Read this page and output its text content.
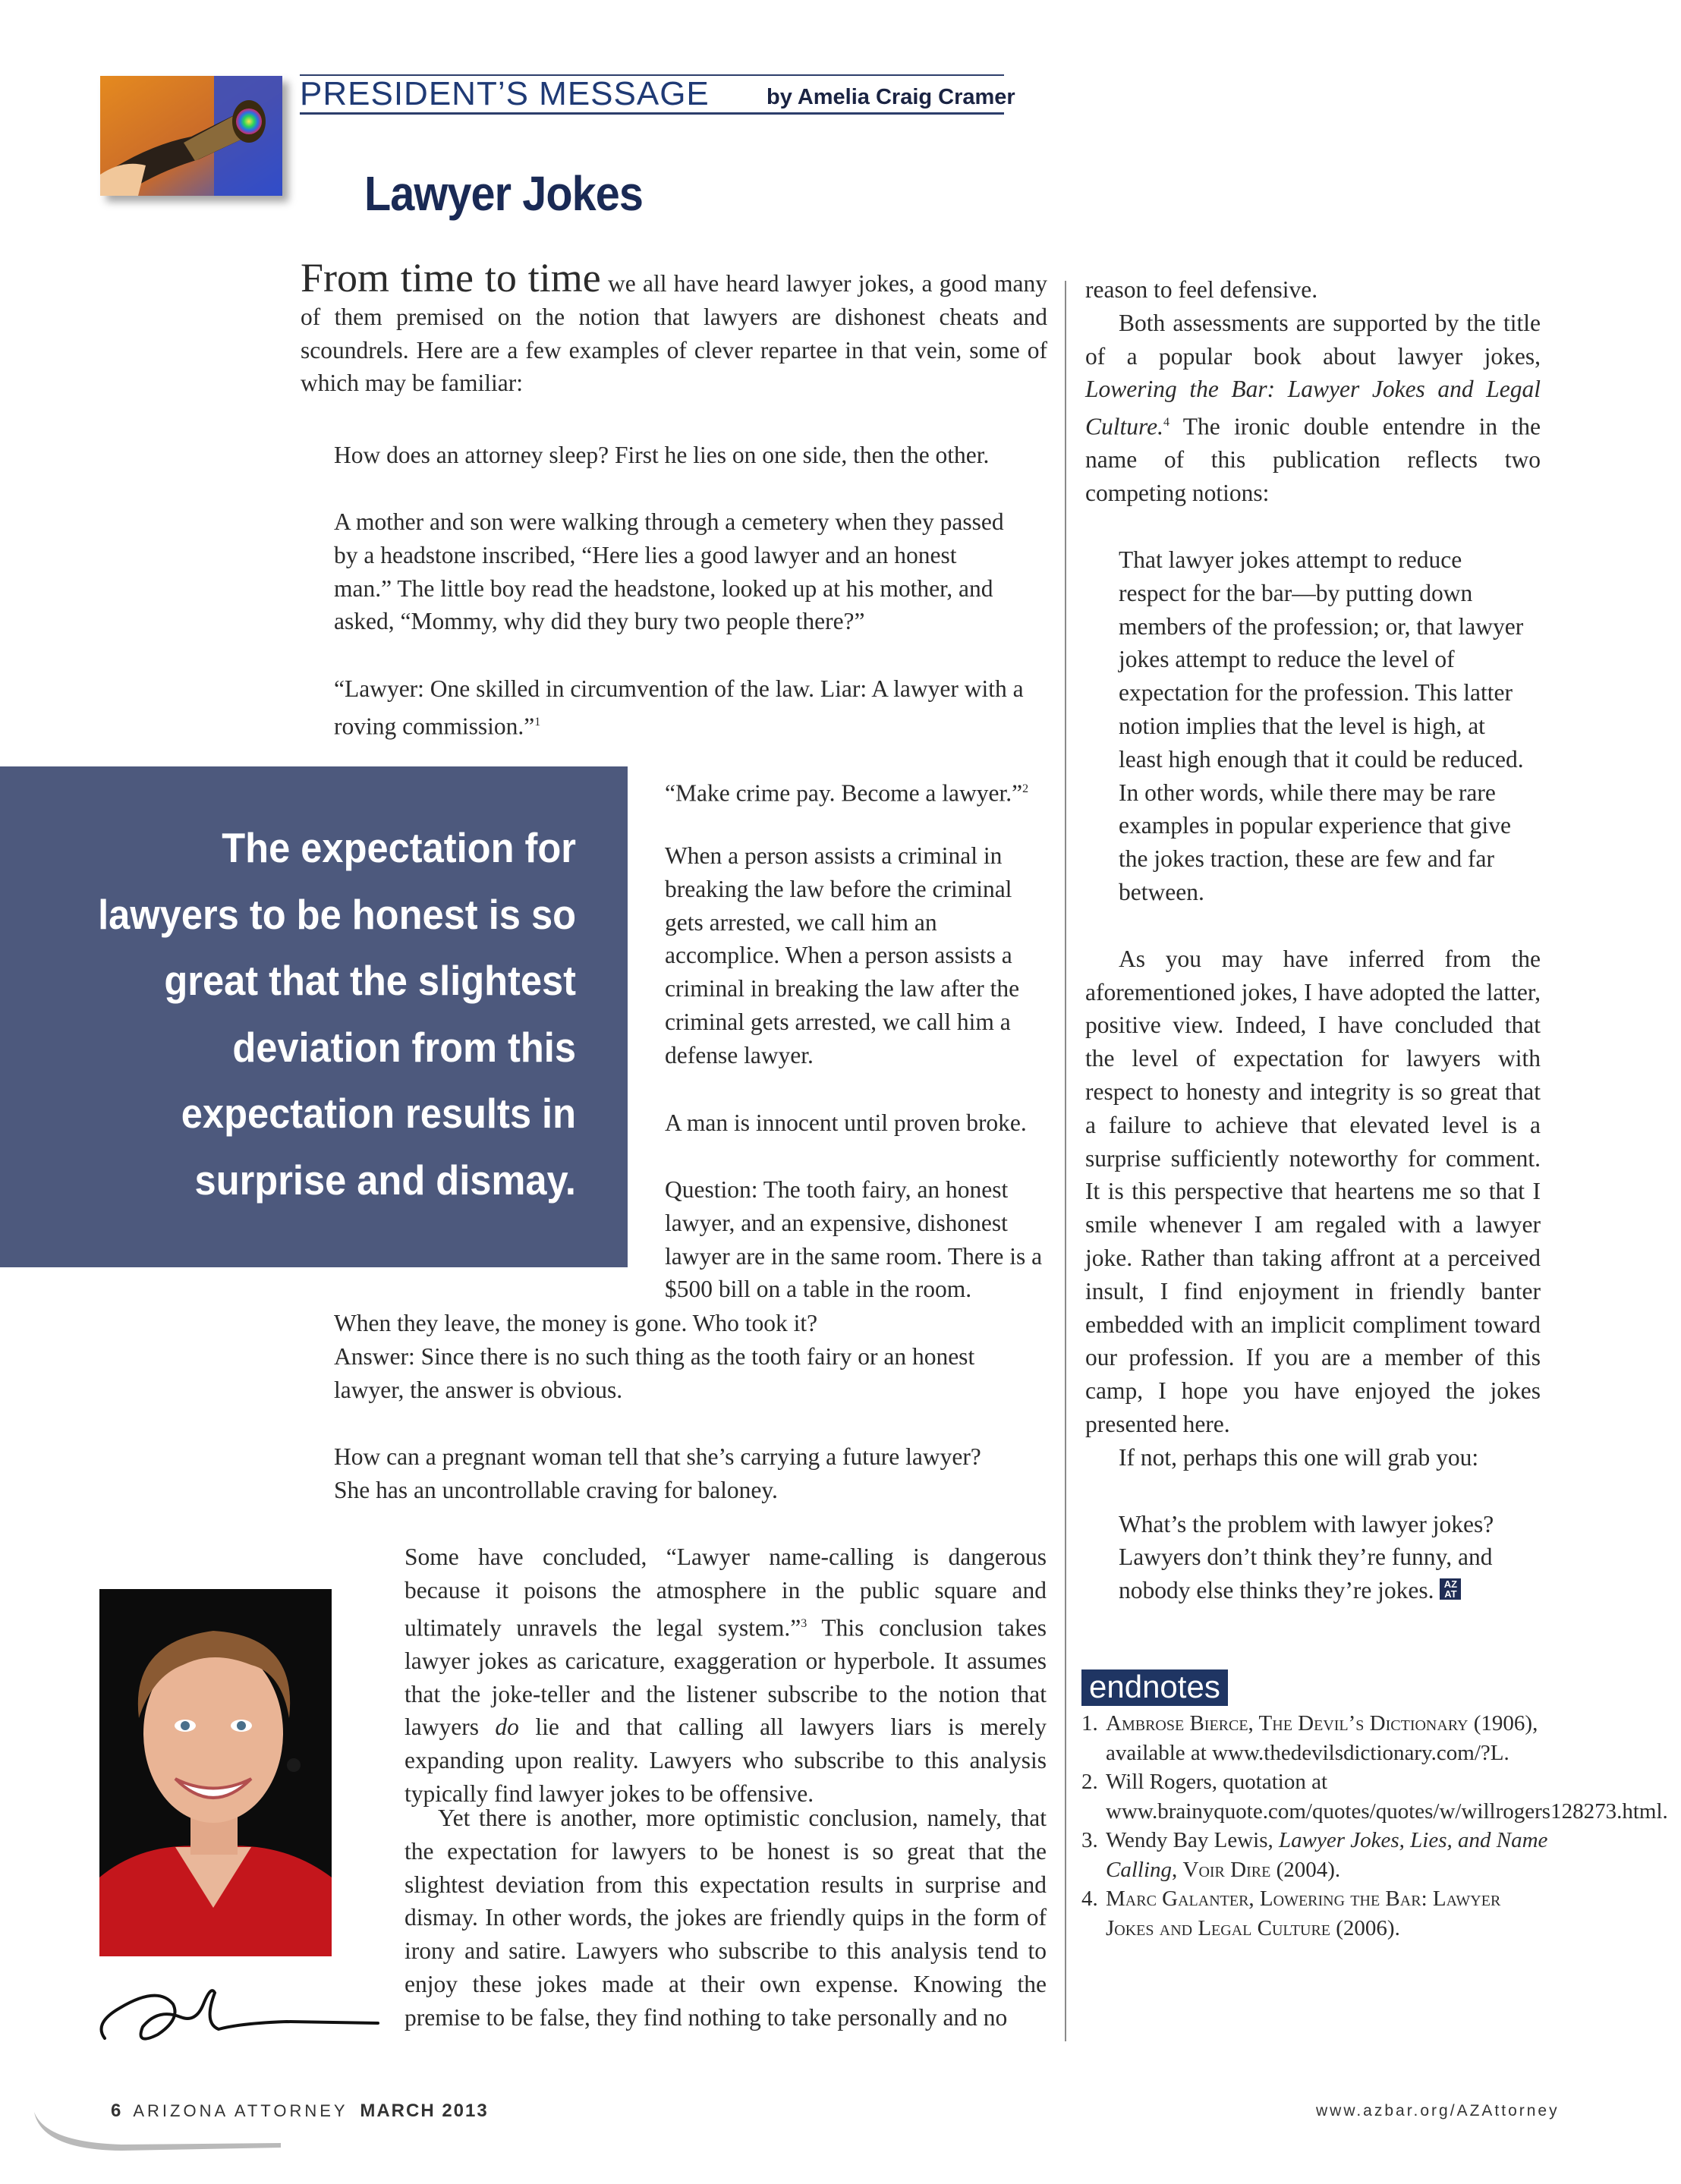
PRESIDENT’S MESSAGE	by Amelia Craig Cramer
Lawyer Jokes
From time to time we all have heard lawyer jokes, a good many of them premised on the notion that lawyers are dishonest cheats and scoundrels. Here are a few examples of clever repartee in that vein, some of which may be familiar:
How does an attorney sleep? First he lies on one side, then the other.
A mother and son were walking through a cemetery when they passed by a headstone inscribed, “Here lies a good lawyer and an honest man.” The little boy read the headstone, looked up at his mother, and asked, “Mommy, why did they bury two people there?”
“Lawyer: One skilled in circumvention of the law. Liar: A lawyer with a roving commission.”$^1$
The expectation for lawyers to be honest is so great that the slightest deviation from this expectation results in surprise and dismay.
“Make crime pay. Become a lawyer.”$^2$
When a person assists a criminal in breaking the law before the criminal gets arrested, we call him an accomplice. When a person assists a criminal in breaking the law after the criminal gets arrested, we call him a defense lawyer.
A man is innocent until proven broke.
Question: The tooth fairy, an honest lawyer, and an expensive, dishonest lawyer are in the same room. There is a $500 bill on a table in the room.
When they leave, the money is gone. Who took it?
Answer: Since there is no such thing as the tooth fairy or an honest lawyer, the answer is obvious.
How can a pregnant woman tell that she’s carrying a future lawyer?
She has an uncontrollable craving for baloney.
Some have concluded, “Lawyer name-calling is dangerous because it poisons the atmosphere in the public square and ultimately unravels the legal system.”$^3$ This conclusion takes lawyer jokes as caricature, exaggeration or hyperbole. It assumes that the joke-teller and the listener subscribe to the notion that lawyers do lie and that calling all lawyers liars is merely expanding upon reality. Lawyers who subscribe to this analysis typically find lawyer jokes to be offensive.
Yet there is another, more optimistic conclusion, namely, that the expectation for lawyers to be honest is so great that the slightest deviation from this expectation results in surprise and dismay. In other words, the jokes are friendly quips in the form of irony and satire. Lawyers who subscribe to this analysis tend to enjoy these jokes made at their own expense. Knowing the premise to be false, they find nothing to take personally and no

reason to feel defensive.

Both assessments are supported by the title of a popular book about lawyer jokes, Lowering the Bar: Lawyer Jokes and Legal Culture.$^4$ The ironic double entendre in the name of this publication reflects two competing notions:

That lawyer jokes attempt to reduce respect for the bar—by putting down members of the profession; or, that lawyer jokes attempt to reduce the level of expectation for the profession. This latter notion implies that the level is high, at least high enough that it could be reduced. In other words, while there may be rare examples in popular experience that give the jokes traction, these are few and far between.

As you may have inferred from the aforementioned jokes, I have adopted the latter, positive view. Indeed, I have concluded that the level of expectation for lawyers with respect to honesty and integrity is so great that a failure to achieve that elevated level is a surprise sufficiently noteworthy for comment. It is this perspective that heartens me so that I smile whenever I am regaled with a lawyer joke. Rather than taking affront at a perceived insult, I find enjoyment in friendly banter embedded with an implicit compliment toward our profession. If you are a member of this camp, I hope you have enjoyed the jokes presented here.

If not, perhaps this one will grab you:

What’s the problem with lawyer jokes? Lawyers don’t think they’re funny, and nobody else thinks they’re jokes. AZ AT

endnotes
1. Ambrose Bierce, The Devil’s Dictionary (1906), available at www.thedevilsdictionary.com/?L.
2. Will Rogers, quotation at www.brainyquote.com/quotes/quotes/w/willrogers128273.html.
3. Wendy Bay Lewis, Lawyer Jokes, Lies, and Name Calling, Voir Dire (2004).
4. Marc Galanter, Lowering the Bar: Lawyer Jokes and Legal Culture (2006).
6 ARIZONA ATTORNEY MARCH 2013	www.azbar.org/AZAttorney
